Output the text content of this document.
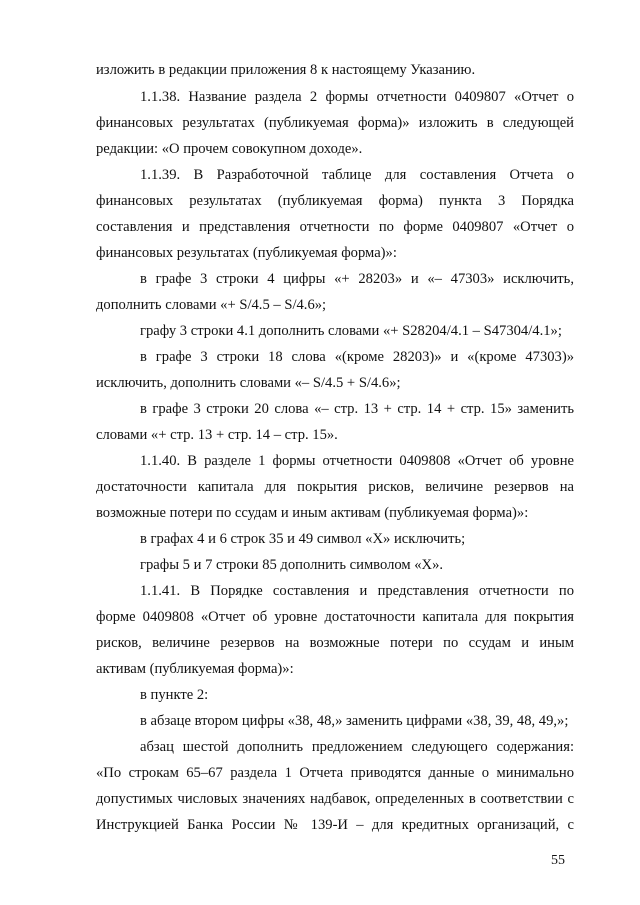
изложить в редакции приложения 8 к настоящему Указанию.
1.1.38. Название раздела 2 формы отчетности 0409807 «Отчет о
финансовых результатах (публикуемая форма)» изложить в следующей
редакции: «О прочем совокупном доходе».
1.1.39. В Разработочной таблице для составления Отчета о
финансовых результатах (публикуемая форма) пункта 3 Порядка
составления и представления отчетности по форме 0409807 «Отчет о
финансовых результатах (публикуемая форма)»:
в графе 3 строки 4 цифры «+ 28203» и «– 47303» исключить,
дополнить словами «+ S/4.5 – S/4.6»;
графу 3 строки 4.1 дополнить словами «+ S28204/4.1 – S47304/4.1»;
в графе 3 строки 18 слова «(кроме 28203)» и «(кроме 47303)»
исключить, дополнить словами «– S/4.5 + S/4.6»;
в графе 3 строки 20 слова «– стр. 13 + стр. 14 + стр. 15» заменить
словами «+ стр. 13 + стр. 14 – стр. 15».
1.1.40. В разделе 1 формы отчетности 0409808 «Отчет об уровне
достаточности капитала для покрытия рисков, величине резервов на
возможные потери по ссудам и иным активам (публикуемая форма)»:
в графах 4 и 6 строк 35 и 49 символ «Х» исключить;
графы 5 и 7 строки 85 дополнить символом «Х».
1.1.41. В Порядке составления и представления отчетности по
форме 0409808 «Отчет об уровне достаточности капитала для покрытия
рисков, величине резервов на возможные потери по ссудам и иным
активам (публикуемая форма)»:
в пункте 2:
в абзаце втором цифры «38, 48,» заменить цифрами «38, 39, 48, 49,»;
абзац шестой дополнить предложением следующего содержания:
«По строкам 65–67 раздела 1 Отчета приводятся данные о минимально
допустимых числовых значениях надбавок, определенных в соответствии с
Инструкцией Банка России № 139-И – для кредитных организаций, с
55
